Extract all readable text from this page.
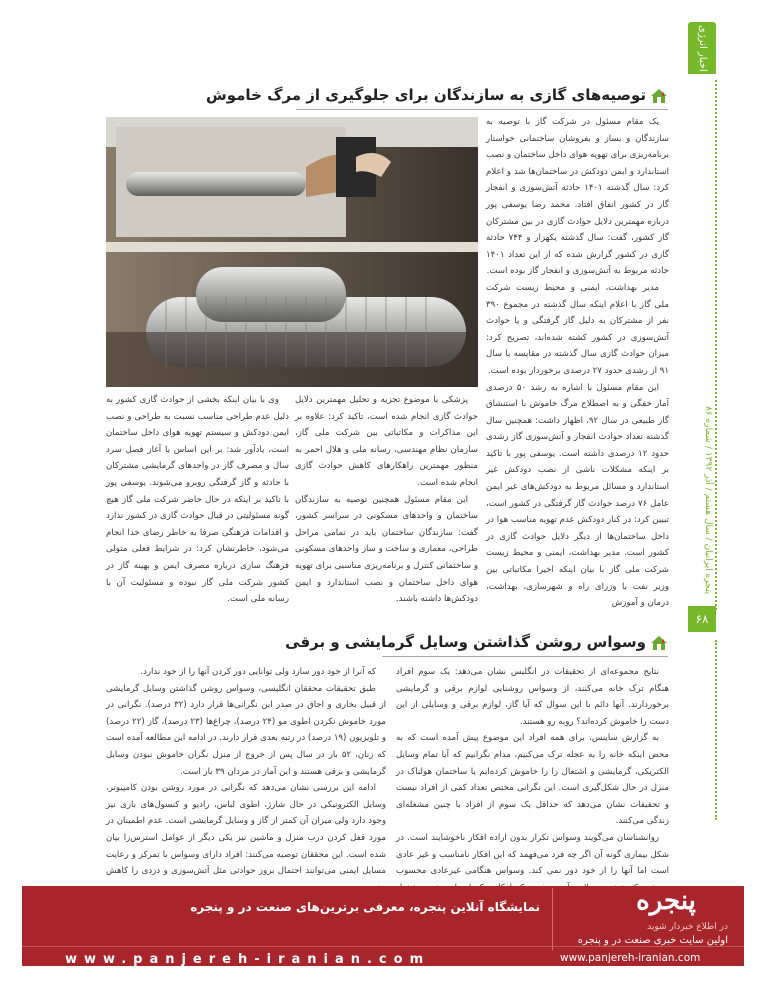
اخبار انرژی
پنجره ایرانیان / سال هشتم / آذر ۱۳۹۲ / شماره ۸۶
۶۸
توصیه‌های گازی به سازندگان برای جلوگیری از مرگ خاموش

یک مقام مسئول در شرکت گاز با توصیه به سازندگان و بساز و بفروشان ساختمانی خواستار برنامه‌ریزی برای تهویه هوای داخل ساختمان و نصب استاندارد و ایمن دودکش در ساختمان‌ها شد و اعلام کرد: سال گذشته ۱۴۰۱ حادثه آتش‌سوزی و انفجار گاز در کشور اتفاق افتاد. محمد رضا یوسفی پور درباره مهمترین دلایل حوادث گازی در بین مشترکان گاز کشور، گفت: سال گذشته یکهزار و ۷۴۴ حادثه گازی در کشور گزارش شده که از این تعداد ۱۴۰۱ حادثه مربوط به آتش‌سوزی و انفجار گاز بوده است.

مدیر بهداشت، ایمنی و محیط زیست شرکت ملی گاز با اعلام اینکه سال گذشته در مجموع ۳۹۰ نفر از مشترکان به دلیل گاز گرفتگی و یا حوادث آتش‌سوزی در کشور کشته شده‌اند، تصریح کرد: میزان حوادث گازی سال گذشته در مقایسه با سال ۹۱ از رشدی حدود ۲۷ درصدی برخوردار بوده است.

این مقام مسئول با اشاره به رشد ۵۰ درصدی آمار خفگی و به اصطلاح مرگ خاموش با استنشاق گاز طبیعی در سال ۹۲، اظهار داشت: همچنین سال گذشته تعداد حوادث انفجار و آتش‌سوزی گاز رشدی حدود ۱۲ درصدی داشته است. یوسفی پور با تاکید بر اینکه مشکلات ناشی از نصب دودکش غیر استاندارد و مسائل مربوط به دودکش‌های غیر ایمن عامل ۷۶ درصد حوادث گاز گرفتگی در کشور است، تبیین کرد: در کنار دودکش عدم تهویه مناسب هوا در داخل ساختمان‌ها از دیگر دلایل حوادث گازی در کشور است. مدیر بهداشت، ایمنی و محیط زیست شرکت ملی گاز با بیان اینکه اخیرا مکاتباتی بین وزیر نفت با وزرای راه و شهرسازی، بهداشت، درمان و آموزش

پزشکی با موضوع تجزیه و تحلیل مهمترین دلایل حوادث گازی انجام شده است، تاکید کرد: علاوه بر این مذاکرات و مکاتباتی بین شرکت ملی گاز، سازمان نظام مهندسی، رسانه ملی و هلال احمر به منظور مهمترین راهکارهای کاهش حوادث گازی انجام شده است.

این مقام مسئول همچنین توصیه به سازندگان ساختمان و واحدهای مسکونی در سراسر کشور، گفت: سازندگان ساختمان باید در تمامی مراحل طراحی، معماری و ساخت و ساز واحدهای مسکونی و ساختمانی کنترل و برنامه‌ریزی مناسبی برای تهویه هوای داخل ساختمان و نصب استاندارد و ایمن دودکش‌ها داشته باشند.

وی با بیان اینکه بخشی از حوادث گازی کشور به دلیل عدم طراحی مناسب نسبت به طراحی و نصب ایمن دودکش و سیستم تهویه هوای داخل ساختمان است، یادآور شد: بر این اساس با آغاز فصل سرد سال و مصرف گاز در واحدهای گرمایشی مشترکان با حادثه و گاز گرفتگی روبرو می‌شوند. یوسفی پور با تاکید بر اینکه در حال حاضر شرکت ملی گاز هیچ گونه مسئولیتی در قبال حوادث گازی در کشور ندارد و اقدامات فرهنگی صرفا به خاطر رضای خدا انجام می‌شود، خاطرنشان کرد: در شرایط فعلی متولی فرهنگ سازی درباره مصرف ایمن و بهینه گاز در کشور شرکت ملی گاز نبوده و مسئولیت آن با رسانه ملی است.

وسواس روشن گذاشتن وسایل گرمایشی و برقی

نتایج مجموعه‌ای از تحقیقات در انگلیس نشان می‌دهد: یک سوم افراد هنگام ترک خانه می‌کنند، از وسواس روشنایی لوازم برقی و گرمایشی برخوردارند. آنها دائم با این سوال که آیا گاز، لوازم برقی و وسایلی از این دست را خاموش کرده‌اند؟ روبه رو هستند.

به گزارش ساینس، برای همه افراد این موضوع پیش آمده است که به محض اینکه خانه را به عجله ترک می‌کنیم، مدام نگرانیم که آیا تمام وسایل الکتریکی، گرمایشی و اشتعال زا را خاموش کرده‌ایم یا ساختمان هولناک در منزل در حال شکل‌گیری است. این نگرانی مختص تعداد کمی از افراد نیست و تحقیقات نشان می‌دهد که حداقل یک سوم از افراد با چنین مشغله‌ای زندگی می‌کنند.

روانشناسان می‌گویند وسواس تکرار بدون اراده افکار ناخوشایند است. در شکل بیماری گونه آن اگر چه فرد می‌فهمد که این افکار نامناسب و غیر عادی است اما آنها را از خود دور نمی کند. وسواس هنگامی غیرعادی محسوب

که آنرا از خود دور سازد ولی توانایی دور کردن آنها را از خود ندارد.

طبق تحقیقات محققان انگلیسی، وسواس روشن گذاشتن وسایل گرمایشی از قبیل بخاری و اجاق در صدر این نگرانی‌ها قرار دارد (۳۲ درصد). نگرانی در مورد خاموش نکردن اطوی مو (۲۴ درصد)، چراغ‌ها (۲۳ درصد)، گاز (۲۲ درصد) و تلویزیون (۱۹ درصد) در رتبه بعدی قرار دارند. در ادامه این مطالعه آمده است که زنان، ۵۲ بار در سال پس از خروج از منزل نگران خاموش نبودن وسایل گرمایشی و برقی هستند و این آمار در مردان ۳۹ بار است.

ادامه این بررسی نشان می‌دهد که نگرانی در مورد روشن بودن کامپیوتر، وسایل الکترونیکی در حال شارژ، اطوی لباس، رادیو و کنسول‌های بازی نیز وجود دارد ولی میزان آن کمتر از گاز و وسایل گرمایشی است. عدم اطمینان در مورد قفل کردن درب منزل و ماشین نیز یکی دیگر از عوامل استرس‌زا بیان شده است. این محققان توصیه می‌کنند: افراد دارای وسواس با تمرکز و رعایت مسایل ایمنی می‌توانند احتمال بروز حوادثی مثل آتش‌سوزی و دزدی را کاهش

نمایشگاه آنلاین پنجره، معرفی برترین‌های صنعت در و پنجره
www.panjereh-iranian.com
پنجره
در اطلاع خبردار شوید
اولین سایت خبری صنعت در و پنجره
www.panjereh-iranian.com
